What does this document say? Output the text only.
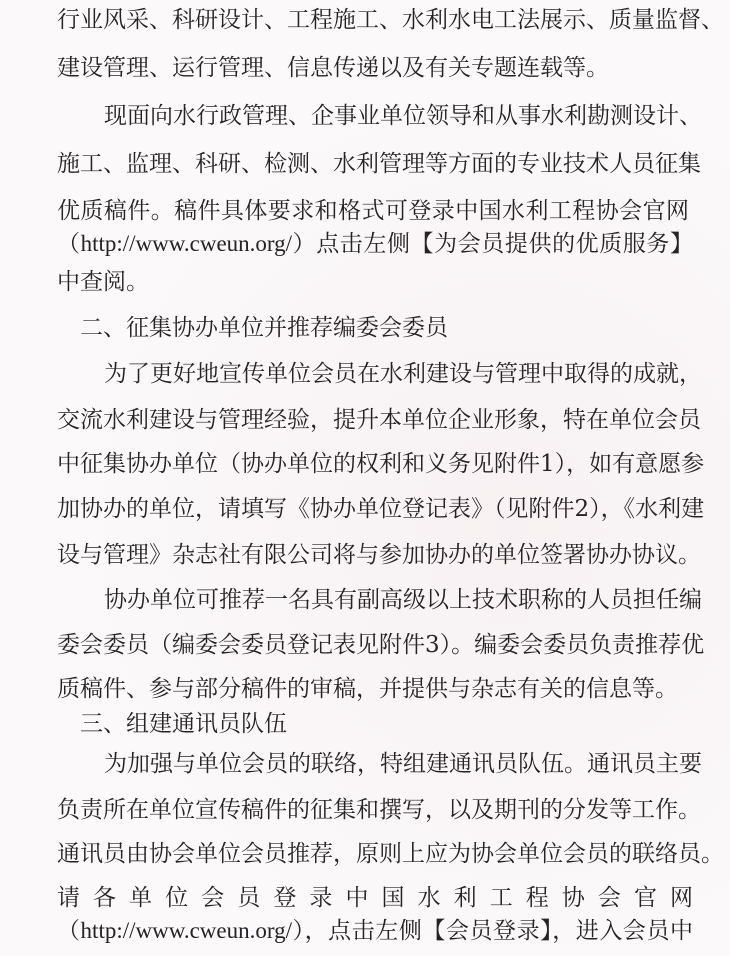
行业风采、科研设计、工程施工、水利水电工法展示、质量监督、
建设管理、运行管理、信息传递以及有关专题连载等。
现面向水行政管理、企事业单位领导和从事水利勘测设计、
施工、监理、科研、检测、水利管理等方面的专业技术人员征集
优质稿件。稿件具体要求和格式可登录中国水利工程协会官网
（http://www.cweun.org/）点击左侧【为会员提供的优质服务】
中查阅。
二、征集协办单位并推荐编委会委员
为了更好地宣传单位会员在水利建设与管理中取得的成就，
交流水利建设与管理经验，提升本单位企业形象，特在单位会员
中征集协办单位（协办单位的权利和义务见附件1），如有意愿参
加协办的单位，请填写《协办单位登记表》（见附件2），《水利建
设与管理》杂志社有限公司将与参加协办的单位签署协办协议。
协办单位可推荐一名具有副高级以上技术职称的人员担任编
委会委员（编委会委员登记表见附件3）。编委会委员负责推荐优
质稿件、参与部分稿件的审稿，并提供与杂志有关的信息等。
三、组建通讯员队伍
为加强与单位会员的联络，特组建通讯员队伍。通讯员主要
负责所在单位宣传稿件的征集和撰写，以及期刊的分发等工作。
通讯员由协会单位会员推荐，原则上应为协会单位会员的联络员。
请各单位会员登录中国水利工程协会官网
（http://www.cweun.org/），点击左侧【会员登录】，进入会员中
